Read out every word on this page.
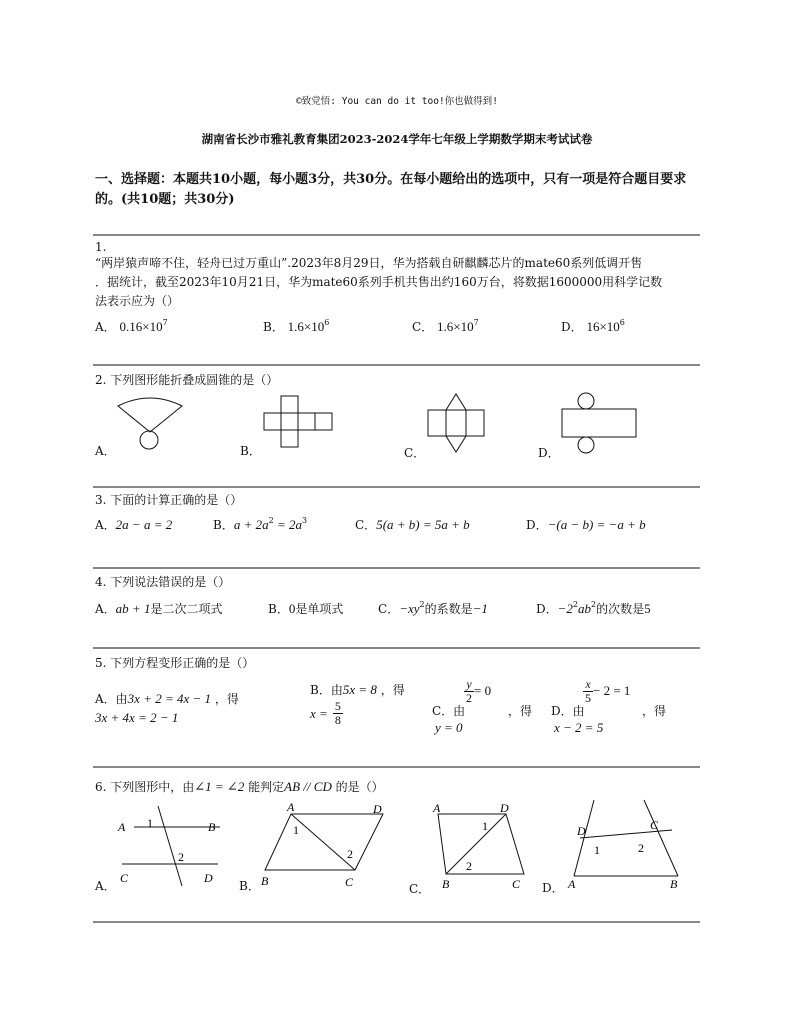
©致党悟: You can do it too!你也做得到!
湖南省长沙市雅礼教育集团2023-2024学年七年级上学期数学期末考试试卷
一、选择题：本题共10小题，每小题3分，共30分。在每小题给出的选项中，只有一项是符合题目要求的。(共10题；共30分)
1.
“两岸猿声啼不住，轻舟已过万重山”.2023年8月29日，华为搭载自研麒麟芯片的mate60系列低调开售
．据统计，截至2023年10月21日，华为mate60系列手机共售出约160万台，将数据1600000用科学记数
法表示应为（）
A． $0.16\times 10^7$	B． $1.6\times 10^6$	C． $1.6\times 10^7$	D． $16\times 10^6$
2. 下列图形能折叠成圆锥的是（）
A．	B．	C．	D．
3. 下面的计算正确的是（）
A．2a − a = 2	B．$a + 2a^2 = 2a^3$	C．5(a + b) = 5a + b	D．−(a − b) = −a + b
4. 下列说法错误的是（）
A．ab + 1是二次二项式	B．0是单项式	C．$-xy^2$的系数是−1	D．$-2^2ab^2$的次数是5
5. 下列方程变形正确的是（）
A．由3x + 2 = 4x − 1 ，得
3x + 4x = 2 − 1
B．由5x = 8 ，得
$x = \frac{5}{8}$
$\frac{y}{2} = 0$
C．由	，得
y = 0
$\frac{x}{5} - 2 = 1$
D．由	，得
x − 2 = 5
6. 下列图形中，由∠1 = ∠2 能判定AB // CD 的是（）
A．
A	B
C	D
1
2
B．
A	D
B	C
1
2
C．
A	D
B	C
1
2
D．
D	C
A	B
1	2
